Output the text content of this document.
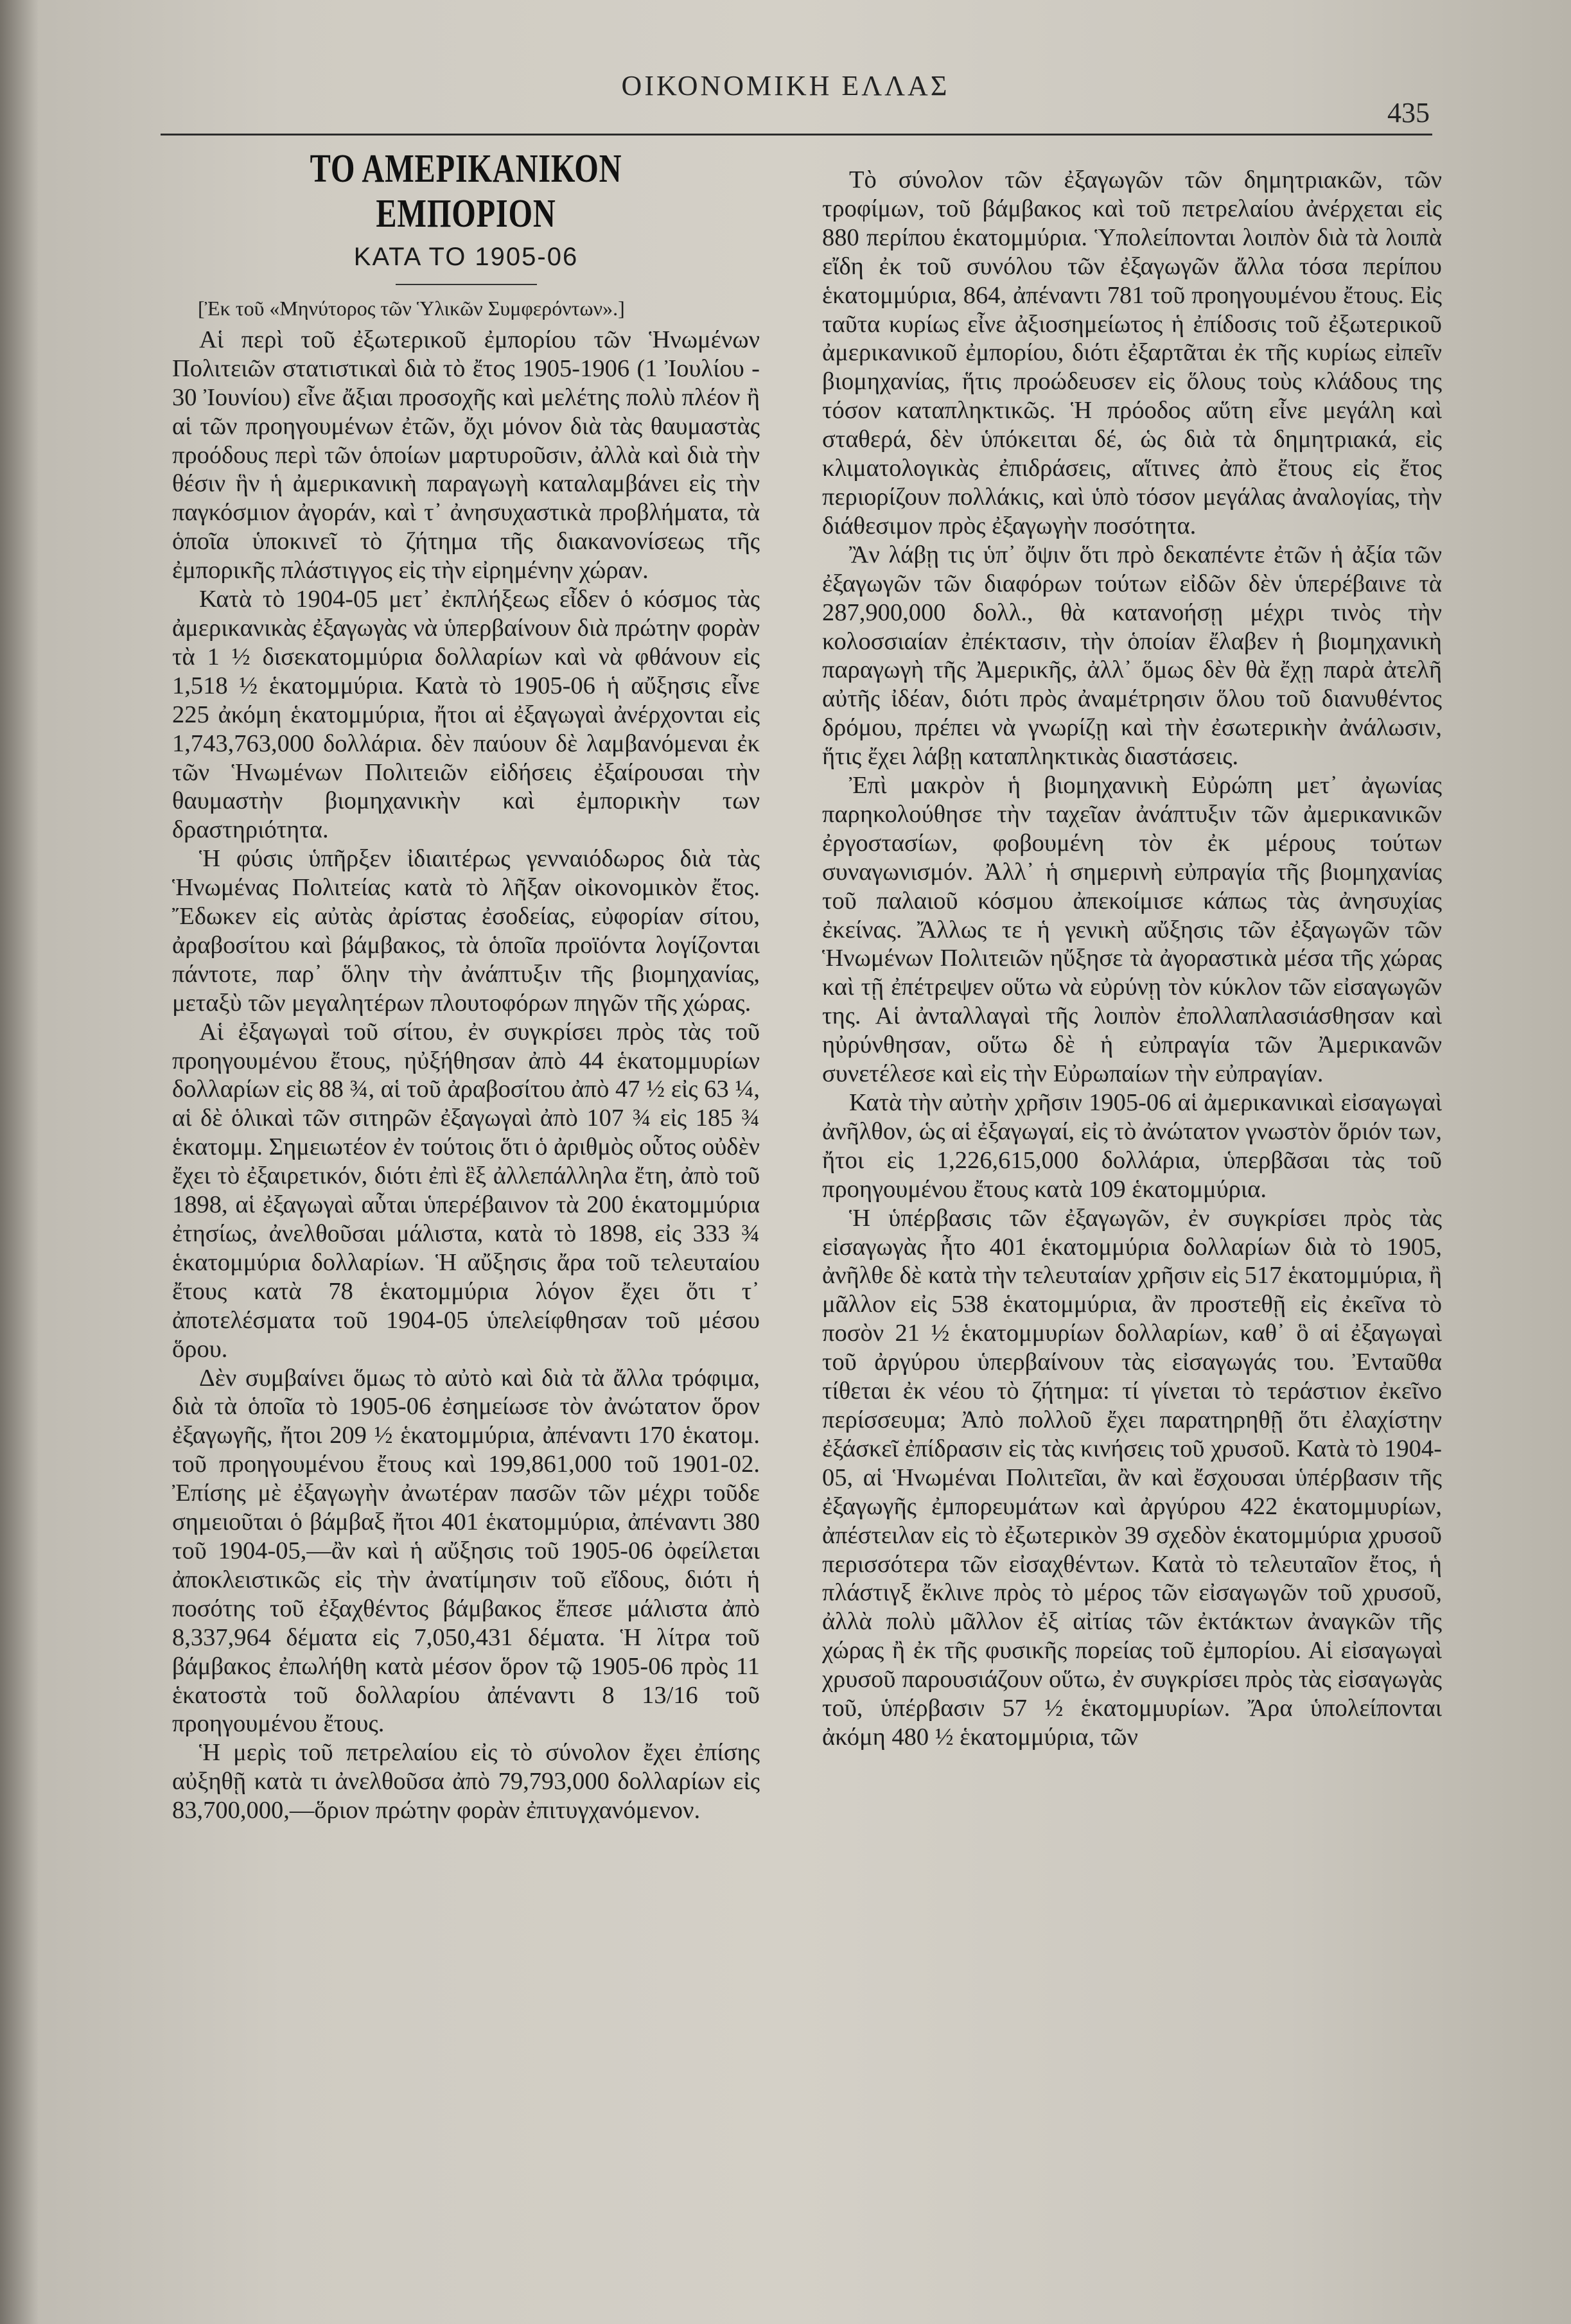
ΟΙΚΟΝΟΜΙΚΗ ΕΛΛΑΣ
435
ΤΟ ΑΜΕΡΙΚΑΝΙΚΟΝ ΕΜΠΟΡΙΟΝ
ΚΑΤΑ ΤΟ 1905-06

[Ἐκ τοῦ «Μηνύτορος τῶν Ὑλικῶν Συμφερόντων».]

Αἱ περὶ τοῦ ἐξωτερικοῦ ἐμπορίου τῶν Ἡνωμένων Πολιτειῶν στατιστικαὶ διὰ τὸ ἔτος 1905-1906 (1 Ἰουλίου - 30 Ἰουνίου) εἶνε ἄξιαι προσοχῆς καὶ μελέτης πολὺ πλέον ἢ αἱ τῶν προηγουμένων ἐτῶν, ὄχι μόνον διὰ τὰς θαυμαστὰς προόδους περὶ τῶν ὁποίων μαρτυροῦσιν, ἀλλὰ καὶ διὰ τὴν θέσιν ἣν ἡ ἀμερικανικὴ παραγωγὴ καταλαμβάνει εἰς τὴν παγκόσμιον ἀγοράν, καὶ τ᾽ ἀνησυχαστικὰ προβλήματα, τὰ ὁποῖα ὑποκινεῖ τὸ ζήτημα τῆς διακανονίσεως τῆς ἐμπορικῆς πλάστιγγος εἰς τὴν εἰρημένην χώραν.

Κατὰ τὸ 1904-05 μετ᾽ ἐκπλήξεως εἶδεν ὁ κόσμος τὰς ἀμερικανικὰς ἐξαγωγὰς νὰ ὑπερβαίνουν διὰ πρώτην φορὰν τὰ 1 ½ δισεκατομμύρια δολλαρίων καὶ νὰ φθάνουν εἰς 1,518 ½ ἑκατομμύρια. Κατὰ τὸ 1905-06 ἡ αὔξησις εἶνε 225 ἀκόμη ἑκατομμύρια, ἤτοι αἱ ἐξαγωγαὶ ἀνέρχονται εἰς 1,743,763,000 δολλάρια. δὲν παύουν δὲ λαμβανόμεναι ἐκ τῶν Ἡνωμένων Πολιτειῶν εἰδήσεις ἐξαίρουσαι τὴν θαυμαστὴν βιομηχανικὴν καὶ ἐμπορικὴν των δραστηριότητα.

Ἡ φύσις ὑπῆρξεν ἰδιαιτέρως γενναιόδωρος διὰ τὰς Ἡνωμένας Πολιτείας κατὰ τὸ λῆξαν οἰκονομικὸν ἔτος. Ἔδωκεν εἰς αὐτὰς ἀρίστας ἐσοδείας, εὐφορίαν σίτου, ἀραβοσίτου καὶ βάμβακος, τὰ ὁποῖα προϊόντα λογίζονται πάντοτε, παρ᾽ ὅλην τὴν ἀνάπτυξιν τῆς βιομηχανίας, μεταξὺ τῶν μεγαλητέρων πλουτοφόρων πηγῶν τῆς χώρας.

Αἱ ἐξαγωγαὶ τοῦ σίτου, ἐν συγκρίσει πρὸς τὰς τοῦ προηγουμένου ἔτους, ηὐξήθησαν ἀπὸ 44 ἑκατομμυρίων δολλαρίων εἰς 88 ¾, αἱ τοῦ ἀραβοσίτου ἀπὸ 47 ½ εἰς 63 ¼, αἱ δὲ ὁλικαὶ τῶν σιτηρῶν ἐξαγωγαὶ ἀπὸ 107 ¾ εἰς 185 ¾ ἑκατομμ. Σημειωτέον ἐν τούτοις ὅτι ὁ ἀριθμὸς οὗτος οὐδὲν ἔχει τὸ ἐξαιρετικόν, διότι ἐπὶ ἓξ ἀλλεπάλληλα ἔτη, ἀπὸ τοῦ 1898, αἱ ἐξαγωγαὶ αὗται ὑπερέβαινον τὰ 200 ἑκατομμύρια ἐτησίως, ἀνελθοῦσαι μάλιστα, κατὰ τὸ 1898, εἰς 333 ¾ ἑκατομμύρια δολλαρίων. Ἡ αὔξησις ἄρα τοῦ τελευταίου ἔτους κατὰ 78 ἑκατομμύρια λόγον ἔχει ὅτι τ᾽ ἀποτελέσματα τοῦ 1904-05 ὑπελείφθησαν τοῦ μέσου ὅρου.

Δὲν συμβαίνει ὅμως τὸ αὐτὸ καὶ διὰ τὰ ἄλλα τρόφιμα, διὰ τὰ ὁποῖα τὸ 1905-06 ἐσημείωσε τὸν ἀνώτατον ὅρον ἐξαγωγῆς, ἤτοι 209 ½ ἑκατομμύρια, ἀπέναντι 170 ἑκατομ. τοῦ προηγουμένου ἔτους καὶ 199,861,000 τοῦ 1901-02. Ἐπίσης μὲ ἐξαγωγὴν ἀνωτέραν πασῶν τῶν μέχρι τοῦδε σημειοῦται ὁ βάμβαξ ἤτοι 401 ἑκατομμύρια, ἀπέναντι 380 τοῦ 1904-05,—ἂν καὶ ἡ αὔξησις τοῦ 1905-06 ὀφείλεται ἀποκλειστικῶς εἰς τὴν ἀνατίμησιν τοῦ εἴδους, διότι ἡ ποσότης τοῦ ἐξαχθέντος βάμβακος ἔπεσε μάλιστα ἀπὸ 8,337,964 δέματα εἰς 7,050,431 δέματα. Ἡ λίτρα τοῦ βάμβακος ἐπωλήθη κατὰ μέσον ὅρον τῷ 1905-06 πρὸς 11 ἑκατοστὰ τοῦ δολλαρίου ἀπέναντι 8 13/16 τοῦ προηγουμένου ἔτους.

Ἡ μερὶς τοῦ πετρελαίου εἰς τὸ σύνολον ἔχει ἐπίσης αὐξηθῇ κατὰ τι ἀνελθοῦσα ἀπὸ 79,793,000 δολλαρίων εἰς 83,700,000,—ὅριον πρώτην φορὰν ἐπιτυγχανόμενον.

Τὸ σύνολον τῶν ἐξαγωγῶν τῶν δημητριακῶν, τῶν τροφίμων, τοῦ βάμβακος καὶ τοῦ πετρελαίου ἀνέρχεται εἰς 880 περίπου ἑκατομμύρια. Ὑπολείπονται λοιπὸν διὰ τὰ λοιπὰ εἴδη ἐκ τοῦ συνόλου τῶν ἐξαγωγῶν ἄλλα τόσα περίπου ἑκατομμύρια, 864, ἀπέναντι 781 τοῦ προηγουμένου ἔτους. Εἰς ταῦτα κυρίως εἶνε ἀξιοσημείωτος ἡ ἐπίδοσις τοῦ ἐξωτερικοῦ ἀμερικανικοῦ ἐμπορίου, διότι ἐξαρτᾶται ἐκ τῆς κυρίως εἰπεῖν βιομηχανίας, ἥτις προώδευσεν εἰς ὅλους τοὺς κλάδους της τόσον καταπληκτικῶς. Ἡ πρόοδος αὕτη εἶνε μεγάλη καὶ σταθερά, δὲν ὑπόκειται δέ, ὡς διὰ τὰ δημητριακά, εἰς κλιματολογικὰς ἐπιδράσεις, αἵτινες ἀπὸ ἔτους εἰς ἔτος περιορίζουν πολλάκις, καὶ ὑπὸ τόσον μεγάλας ἀναλογίας, τὴν διάθεσιμον πρὸς ἐξαγωγὴν ποσότητα.

Ἂν λάβῃ τις ὑπ᾽ ὄψιν ὅτι πρὸ δεκαπέντε ἐτῶν ἡ ἀξία τῶν ἐξαγωγῶν τῶν διαφόρων τούτων εἰδῶν δὲν ὑπερέβαινε τὰ 287,900,000 δολλ., θὰ κατανοήσῃ μέχρι τινὸς τὴν κολοσσιαίαν ἐπέκτασιν, τὴν ὁποίαν ἔλαβεν ἡ βιομηχανικὴ παραγωγὴ τῆς Ἀμερικῆς, ἀλλ᾽ ὅμως δὲν θὰ ἔχῃ παρὰ ἀτελῆ αὐτῆς ἰδέαν, διότι πρὸς ἀναμέτρησιν ὅλου τοῦ διανυθέντος δρόμου, πρέπει νὰ γνωρίζῃ καὶ τὴν ἐσωτερικὴν ἀνάλωσιν, ἥτις ἔχει λάβῃ καταπληκτικὰς διαστάσεις.

Ἐπὶ μακρὸν ἡ βιομηχανικὴ Εὐρώπη μετ᾽ ἀγωνίας παρηκολούθησε τὴν ταχεῖαν ἀνάπτυξιν τῶν ἀμερικανικῶν ἐργοστασίων, φοβουμένη τὸν ἐκ μέρους τούτων συναγωνισμόν. Ἀλλ᾽ ἡ σημερινὴ εὐπραγία τῆς βιομηχανίας τοῦ παλαιοῦ κόσμου ἀπεκοίμισε κάπως τὰς ἀνησυχίας ἐκείνας. Ἄλλως τε ἡ γενικὴ αὔξησις τῶν ἐξαγωγῶν τῶν Ἡνωμένων Πολιτειῶν ηὔξησε τὰ ἀγοραστικὰ μέσα τῆς χώρας καὶ τῇ ἐπέτρεψεν οὕτω νὰ εὐρύνῃ τὸν κύκλον τῶν εἰσαγωγῶν της. Αἱ ἀνταλλαγαὶ τῆς λοιπὸν ἐπολλαπλασιάσθησαν καὶ ηὐρύνθησαν, οὕτω δὲ ἡ εὐπραγία τῶν Ἀμερικανῶν συνετέλεσε καὶ εἰς τὴν Εὐρωπαίων τὴν εὐπραγίαν.

Κατὰ τὴν αὐτὴν χρῆσιν 1905-06 αἱ ἀμερικανικαὶ εἰσαγωγαὶ ἀνῆλθον, ὡς αἱ ἐξαγωγαί, εἰς τὸ ἀνώτατον γνωστὸν ὅριόν των, ἤτοι εἰς 1,226,615,000 δολλάρια, ὑπερβᾶσαι τὰς τοῦ προηγουμένου ἔτους κατὰ 109 ἑκατομμύρια.

Ἡ ὑπέρβασις τῶν ἐξαγωγῶν, ἐν συγκρίσει πρὸς τὰς εἰσαγωγὰς ἦτο 401 ἑκατομμύρια δολλαρίων διὰ τὸ 1905, ἀνῆλθε δὲ κατὰ τὴν τελευταίαν χρῆσιν εἰς 517 ἑκατομμύρια, ἢ μᾶλλον εἰς 538 ἑκατομμύρια, ἂν προστεθῇ εἰς ἐκεῖνα τὸ ποσὸν 21 ½ ἑκατομμυρίων δολλαρίων, καθ᾽ ὃ αἱ ἐξαγωγαὶ τοῦ ἀργύρου ὑπερβαίνουν τὰς εἰσαγωγάς του. Ἐνταῦθα τίθεται ἐκ νέου τὸ ζήτημα: τί γίνεται τὸ τεράστιον ἐκεῖνο περίσσευμα; Ἀπὸ πολλοῦ ἔχει παρατηρηθῇ ὅτι ἐλαχίστην ἐξάσκεῖ ἐπίδρασιν εἰς τὰς κινήσεις τοῦ χρυσοῦ. Κατὰ τὸ 1904-05, αἱ Ἡνωμέναι Πολιτεῖαι, ἂν καὶ ἔσχουσαι ὑπέρβασιν τῆς ἐξαγωγῆς ἐμπορευμάτων καὶ ἀργύρου 422 ἑκατομμυρίων, ἀπέστειλαν εἰς τὸ ἐξωτερικὸν 39 σχεδὸν ἑκατομμύρια χρυσοῦ περισσότερα τῶν εἰσαχθέντων. Κατὰ τὸ τελευταῖον ἔτος, ἡ πλάστιγξ ἔκλινε πρὸς τὸ μέρος τῶν εἰσαγωγῶν τοῦ χρυσοῦ, ἀλλὰ πολὺ μᾶλλον ἐξ αἰτίας τῶν ἐκτάκτων ἀναγκῶν τῆς χώρας ἢ ἐκ τῆς φυσικῆς πορείας τοῦ ἐμπορίου. Αἱ εἰσαγωγαὶ χρυσοῦ παρουσιάζουν οὕτω, ἐν συγκρίσει πρὸς τὰς εἰσαγωγὰς τοῦ, ὑπέρβασιν 57 ½ ἑκατομμυρίων. Ἄρα ὑπολείπονται ἀκόμη 480 ½ ἑκατομμύρια, τῶν
